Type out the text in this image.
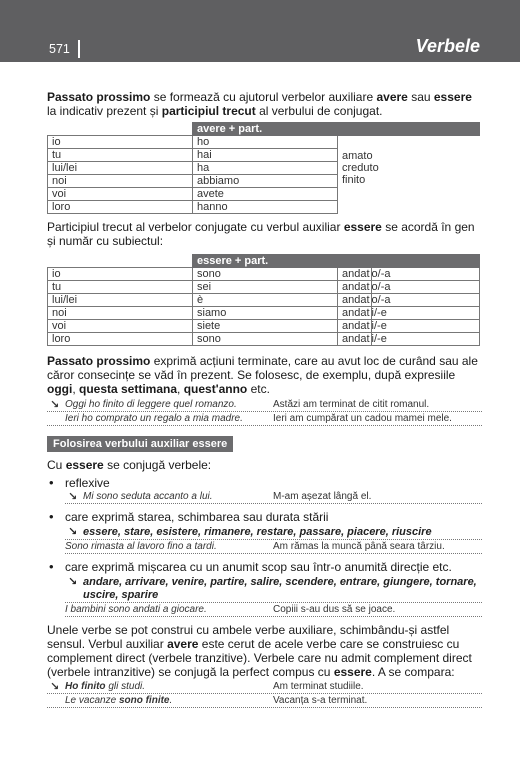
571	Verbele

Passato prossimo se formează cu ajutorul verbelor auxiliare avere sau essere la indicativ prezent și participiul trecut al verbului de conjugat.

	avere + part.	
io	ho	
tu	hai	amato
creduto
finito

lui/lei	ha	
noi	abbiamo	
voi	avete	
loro	hanno	

Participiul trecut al verbelor conjugate cu verbul auxiliar essere se acordă în gen și număr cu subiectul:

	essere + part.	
io	sono	andat o/-a
tu	sei	andat o/-a
lui/lei	è	andat o/-a
noi	siamo	andat i/-e
voi	siete	andat i/-e
loro	sono	andat i/-e

Passato prossimo exprimă acțiuni terminate, care au avut loc de curând sau ale căror consecințe se văd în prezent. Se folosesc, de exemplu, după expresiile oggi, questa settimana, quest'anno etc.

↘ Oggi ho finito di leggere quel romanzo.	Astăzi am terminat de citit romanul.
Ieri ho comprato un regalo a mia madre.	Ieri am cumpărat un cadou mamei mele.
Folosirea verbului auxiliar essere

Cu essere se conjugă verbele:

• reflexive
↘ Mi sono seduta accanto a lui.	M-am așezat lângă el.
• care exprimă starea, schimbarea sau durata stării
↘ essere, stare, esistere, rimanere, restare, passare, piacere, riuscire
Sono rimasta al lavoro fino a tardi.	Am rămas la muncă până seara târziu.
• care exprimă mișcarea cu un anumit scop sau într-o anumită direcție etc.
↘ andare, arrivare, venire, partire, salire, scendere, entrare, giungere, tornare, uscire, sparire
I bambini sono andati a giocare.	Copiii s-au dus să se joace.

Unele verbe se pot construi cu ambele verbe auxiliare, schimbându-și astfel sensul. Verbul auxiliar avere este cerut de acele verbe care se construiesc cu complement direct (verbele tranzitive). Verbele care nu admit complement direct (verbele intranzitive) se conjugă la perfect compus cu essere. A se compara:

↘ Ho finito gli studi.	Am terminat studiile.
Le vacanze sono finite.	Vacanța s-a terminat.
